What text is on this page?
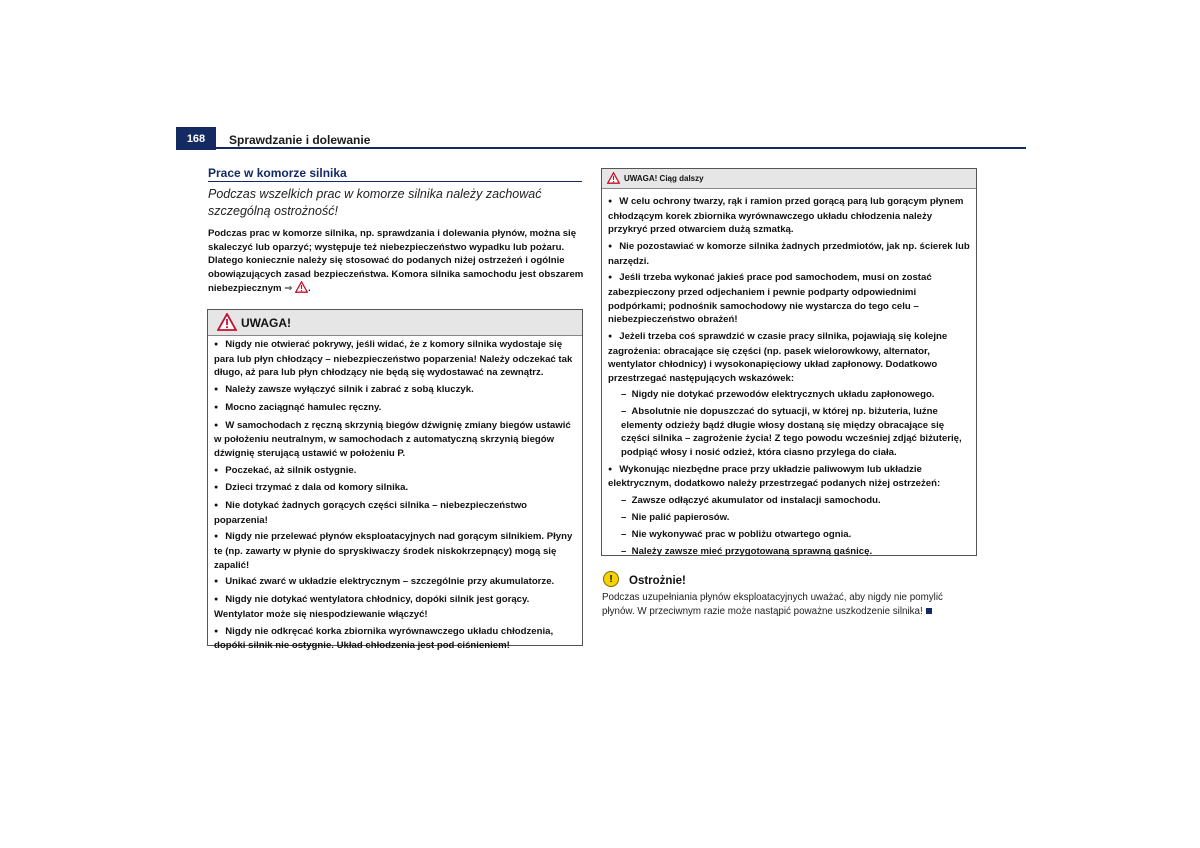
168	Sprawdzanie i dolewanie
Prace w komorze silnika
Podczas wszelkich prac w komorze silnika należy zachować szczególną ostrożność!
Podczas prac w komorze silnika, np. sprawdzania i dolewania płynów, można się skaleczyć lub oparzyć; występuje też niebezpieczeństwo wypadku lub pożaru. Dlatego koniecznie należy się stosować do podanych niżej ostrzeżeń i ogólnie obowiązujących zasad bezpieczeństwa. Komora silnika samochodu jest obszarem niebezpiecznym ⇒ .
UWAGA!
● Nigdy nie otwierać pokrywy, jeśli widać, że z komory silnika wydostaje się para lub płyn chłodzący – niebezpieczeństwo poparzenia! Należy odczekać tak długo, aż para lub płyn chłodzący nie będą się wydostawać na zewnątrz.
● Należy zawsze wyłączyć silnik i zabrać z sobą kluczyk.
● Mocno zaciągnąć hamulec ręczny.
● W samochodach z ręczną skrzynią biegów dźwignię zmiany biegów ustawić w położeniu neutralnym, w samochodach z automatyczną skrzynią biegów dźwignię sterującą ustawić w położeniu P.
● Poczekać, aż silnik ostygnie.
● Dzieci trzymać z dala od komory silnika.
● Nie dotykać żadnych gorących części silnika – niebezpieczeństwo poparzenia!
● Nigdy nie przelewać płynów eksploatacyjnych nad gorącym silnikiem. Płyny te (np. zawarty w płynie do spryskiwaczy środek niskokrzepnący) mogą się zapalić!
● Unikać zwarć w układzie elektrycznym – szczególnie przy akumulatorze.
● Nigdy nie dotykać wentylatora chłodnicy, dopóki silnik jest gorący. Wentylator może się niespodziewanie włączyć!
● Nigdy nie odkręcać korka zbiornika wyrównawczego układu chłodzenia, dopóki silnik nie ostygnie. Układ chłodzenia jest pod ciśnieniem!
UWAGA! Ciąg dalszy
● W celu ochrony twarzy, rąk i ramion przed gorącą parą lub gorącym płynem chłodzącym korek zbiornika wyrównawczego układu chłodzenia należy przykryć przed otwarciem dużą szmatką.
● Nie pozostawiać w komorze silnika żadnych przedmiotów, jak np. ścierek lub narzędzi.
● Jeśli trzeba wykonać jakieś prace pod samochodem, musi on zostać zabezpieczony przed odjechaniem i pewnie podparty odpowiednimi podpórkami; podnośnik samochodowy nie wystarcza do tego celu – niebezpieczeństwo obrażeń!
● Jeżeli trzeba coś sprawdzić w czasie pracy silnika, pojawiają się kolejne zagrożenia: obracające się części (np. pasek wielorowkowy, alternator, wentylator chłodnicy) i wysokonapięciowy układ zapłonowy. Dodatkowo przestrzegać następujących wskazówek:
–  Nigdy nie dotykać przewodów elektrycznych układu zapłonowego.
–  Absolutnie nie dopuszczać do sytuacji, w której np. biżuteria, luźne elementy odzieży bądź długie włosy dostaną się między obracające się części silnika – zagrożenie życia! Z tego powodu wcześniej zdjąć biżuterię, podpiąć włosy i nosić odzież, która ciasno przylega do ciała.
● Wykonując niezbędne prace przy układzie paliwowym lub układzie elektrycznym, dodatkowo należy przestrzegać podanych niżej ostrzeżeń:
–  Zawsze odłączyć akumulator od instalacji samochodu.
–  Nie palić papierosów.
–  Nie wykonywać prac w pobliżu otwartego ognia.
–  Należy zawsze mieć przygotowaną sprawną gaśnicę.
!	Ostrożnie!
Podczas uzupełniania płynów eksploatacyjnych uważać, aby nigdy nie pomylić płynów. W przeciwnym razie może nastąpić poważne uszkodzenie silnika!
